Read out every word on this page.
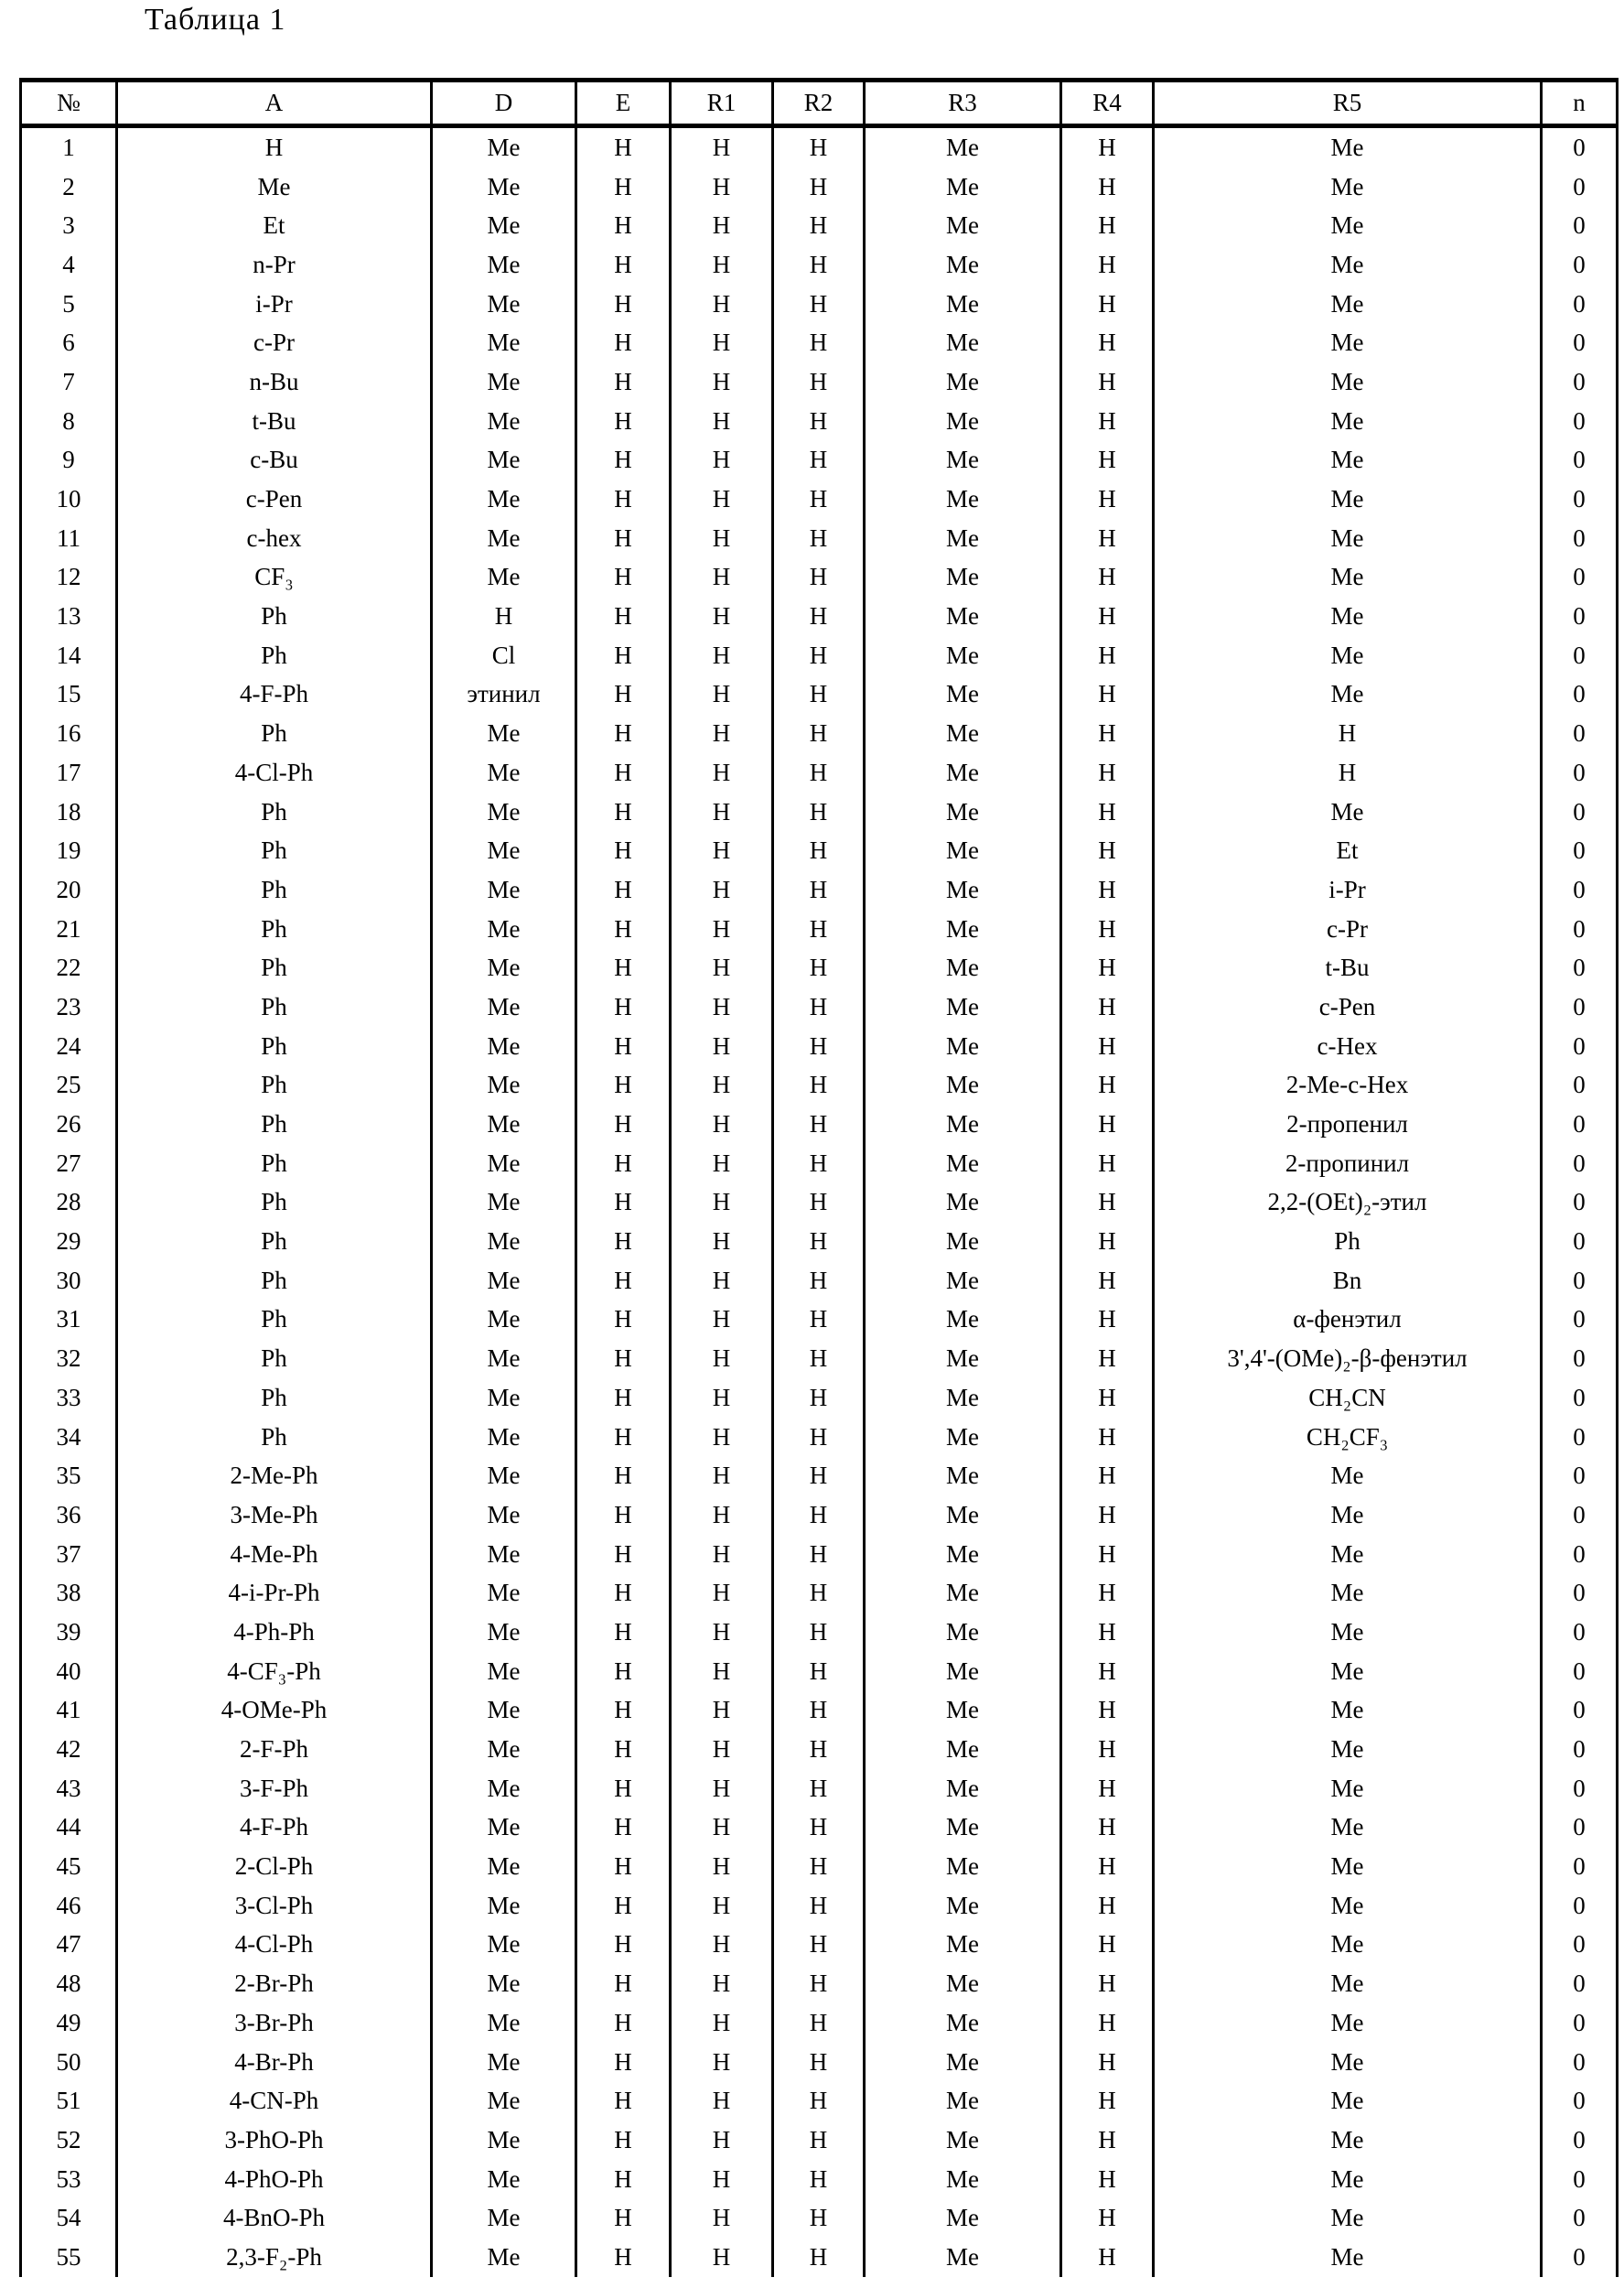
Таблица 1
№	A	D	E	R1	R2	R3	R4	R5	n
1	H	Me	H	H	H	Me	H	Me	0
2	Me	Me	H	H	H	Me	H	Me	0
3	Et	Me	H	H	H	Me	H	Me	0
4	n-Pr	Me	H	H	H	Me	H	Me	0
5	i-Pr	Me	H	H	H	Me	H	Me	0
6	c-Pr	Me	H	H	H	Me	H	Me	0
7	n-Bu	Me	H	H	H	Me	H	Me	0
8	t-Bu	Me	H	H	H	Me	H	Me	0
9	c-Bu	Me	H	H	H	Me	H	Me	0
10	c-Pen	Me	H	H	H	Me	H	Me	0
11	c-hex	Me	H	H	H	Me	H	Me	0
12	CF₃	Me	H	H	H	Me	H	Me	0
13	Ph	H	H	H	H	Me	H	Me	0
14	Ph	Cl	H	H	H	Me	H	Me	0
15	4-F-Ph	этинил	H	H	H	Me	H	Me	0
16	Ph	Me	H	H	H	Me	H	H	0
17	4-Cl-Ph	Me	H	H	H	Me	H	H	0
18	Ph	Me	H	H	H	Me	H	Me	0
19	Ph	Me	H	H	H	Me	H	Et	0
20	Ph	Me	H	H	H	Me	H	i-Pr	0
21	Ph	Me	H	H	H	Me	H	c-Pr	0
22	Ph	Me	H	H	H	Me	H	t-Bu	0
23	Ph	Me	H	H	H	Me	H	c-Pen	0
24	Ph	Me	H	H	H	Me	H	c-Hex	0
25	Ph	Me	H	H	H	Me	H	2-Me-c-Hex	0
26	Ph	Me	H	H	H	Me	H	2-пропенил	0
27	Ph	Me	H	H	H	Me	H	2-пропинил	0
28	Ph	Me	H	H	H	Me	H	2,2-(OEt)₂-этил	0
29	Ph	Me	H	H	H	Me	H	Ph	0
30	Ph	Me	H	H	H	Me	H	Bn	0
31	Ph	Me	H	H	H	Me	H	α-фенэтил	0
32	Ph	Me	H	H	H	Me	H	3',4'-(OMe)₂-β-фенэтил	0
33	Ph	Me	H	H	H	Me	H	CH₂CN	0
34	Ph	Me	H	H	H	Me	H	CH₂CF₃	0
35	2-Me-Ph	Me	H	H	H	Me	H	Me	0
36	3-Me-Ph	Me	H	H	H	Me	H	Me	0
37	4-Me-Ph	Me	H	H	H	Me	H	Me	0
38	4-i-Pr-Ph	Me	H	H	H	Me	H	Me	0
39	4-Ph-Ph	Me	H	H	H	Me	H	Me	0
40	4-CF₃-Ph	Me	H	H	H	Me	H	Me	0
41	4-OMe-Ph	Me	H	H	H	Me	H	Me	0
42	2-F-Ph	Me	H	H	H	Me	H	Me	0
43	3-F-Ph	Me	H	H	H	Me	H	Me	0
44	4-F-Ph	Me	H	H	H	Me	H	Me	0
45	2-Cl-Ph	Me	H	H	H	Me	H	Me	0
46	3-Cl-Ph	Me	H	H	H	Me	H	Me	0
47	4-Cl-Ph	Me	H	H	H	Me	H	Me	0
48	2-Br-Ph	Me	H	H	H	Me	H	Me	0
49	3-Br-Ph	Me	H	H	H	Me	H	Me	0
50	4-Br-Ph	Me	H	H	H	Me	H	Me	0
51	4-CN-Ph	Me	H	H	H	Me	H	Me	0
52	3-PhO-Ph	Me	H	H	H	Me	H	Me	0
53	4-PhO-Ph	Me	H	H	H	Me	H	Me	0
54	4-BnO-Ph	Me	H	H	H	Me	H	Me	0
55	2,3-F₂-Ph	Me	H	H	H	Me	H	Me	0
